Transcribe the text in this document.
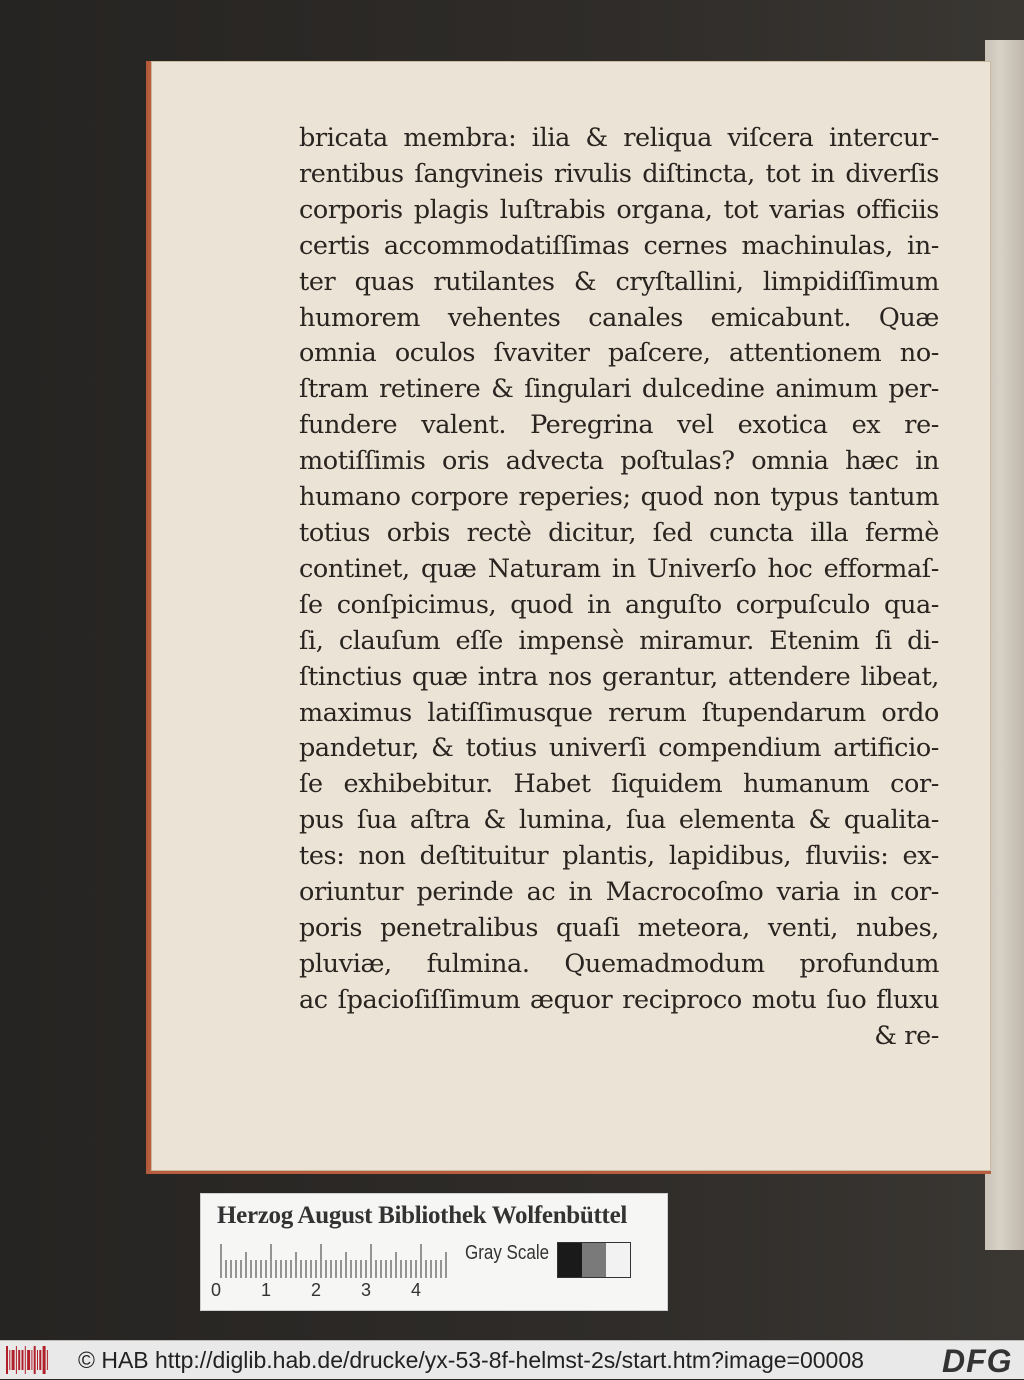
bricata membra: ilia & reliqua viſcera intercur-
rentibus ſangvineis rivulis diſtincta, tot in diverſis
corporis plagis luſtrabis organa, tot varias officiis
certis accommodatiſſimas cernes machinulas, in-
ter quas rutilantes & cryſtallini, limpidiſſimum
humorem vehentes canales emicabunt. Quæ
omnia oculos ſvaviter paſcere, attentionem no-
ſtram retinere & ſingulari dulcedine animum per-
fundere valent. Peregrina vel exotica ex re-
motiſſimis oris advecta poſtulas? omnia hæc in
humano corpore reperies; quod non typus tantum
totius orbis rectè dicitur, ſed cuncta illa fermè
continet, quæ Naturam in Univerſo hoc efformaſ-
ſe conſpicimus, quod in anguſto corpuſculo qua-
ſi, clauſum eſſe impensè miramur. Etenim ſi di-
ſtinctius quæ intra nos gerantur, attendere libeat,
maximus latiſſimusque rerum ſtupendarum ordo
pandetur, & totius univerſi compendium artificio-
ſe exhibebitur. Habet ſiquidem humanum cor-
pus ſua aſtra & lumina, ſua elementa & qualita-
tes: non deſtituitur plantis, lapidibus, fluviis: ex-
oriuntur perinde ac in Macrocoſmo varia in cor-
poris penetralibus quaſi meteora, venti, nubes,
pluviæ, fulmina. Quemadmodum profundum
ac ſpacioſiſſimum æquor reciproco motu ſuo fluxu
& re-
Herzog August Bibliothek Wolfenbüttel
0 1 2 3 4
Gray Scale
© HAB http://diglib.hab.de/drucke/yx-53-8f-helmst-2s/start.htm?image=00008 DFG
